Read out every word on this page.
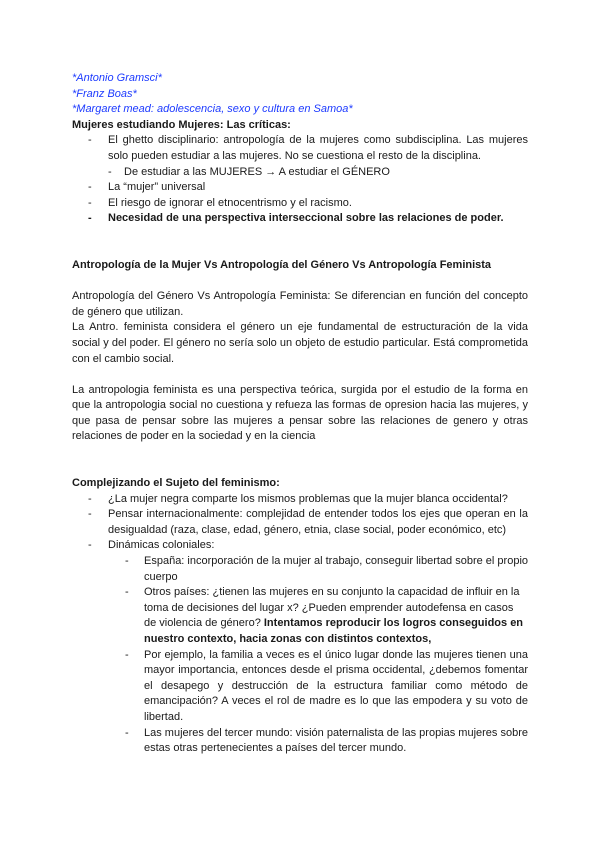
*Antonio Gramsci*

*Franz Boas*

*Margaret mead: adolescencia, sexo y cultura en Samoa*

Mujeres estudiando Mujeres: Las críticas:

- El ghetto disciplinario: antropología de la mujeres como subdisciplina. Las mujeres solo pueden estudiar a las mujeres. No se cuestiona el resto de la disciplina.
- De estudiar a las MUJERES → A estudiar el GÉNERO
- La “mujer” universal
- El riesgo de ignorar el etnocentrismo y el racismo.
- Necesidad de una perspectiva interseccional sobre las relaciones de poder.

Antropología de la Mujer Vs Antropología del Género Vs Antropología Feminista

Antropología del Género Vs Antropología Feminista: Se diferencian en función del concepto de género que utilizan.

La Antro. feminista considera el género un eje fundamental de estructuración de la vida social y del poder. El género no sería solo un objeto de estudio particular. Está comprometida con el cambio social.

La antropologia feminista es una perspectiva teórica, surgida por el estudio de la forma en que la antropologia social no cuestiona y refueza las formas de opresion hacia las mujeres, y que pasa de pensar sobre las mujeres a pensar sobre las relaciones de genero y otras relaciones de poder en la sociedad y en la ciencia

Complejizando el Sujeto del feminismo:

- ¿La mujer negra comparte los mismos problemas que la mujer blanca occidental?
- Pensar internacionalmente: complejidad de entender todos los ejes que operan en la desigualdad (raza, clase, edad, género, etnia, clase social, poder económico, etc)
- Dinámicas coloniales:
- España: incorporación de la mujer al trabajo, conseguir libertad sobre el propio cuerpo
- Otros países: ¿tienen las mujeres en su conjunto la capacidad de influir en la toma de decisiones del lugar x? ¿Pueden emprender autodefensa en casos de violencia de género? Intentamos reproducir los logros conseguidos en nuestro contexto, hacia zonas con distintos contextos,
- Por ejemplo, la familia a veces es el único lugar donde las mujeres tienen una mayor importancia, entonces desde el prisma occidental, ¿debemos fomentar el desapego y destrucción de la estructura familiar como método de emancipación? A veces el rol de madre es lo que las empodera y su voto de libertad.
- Las mujeres del tercer mundo: visión paternalista de las propias mujeres sobre estas otras pertenecientes a países del tercer mundo.
